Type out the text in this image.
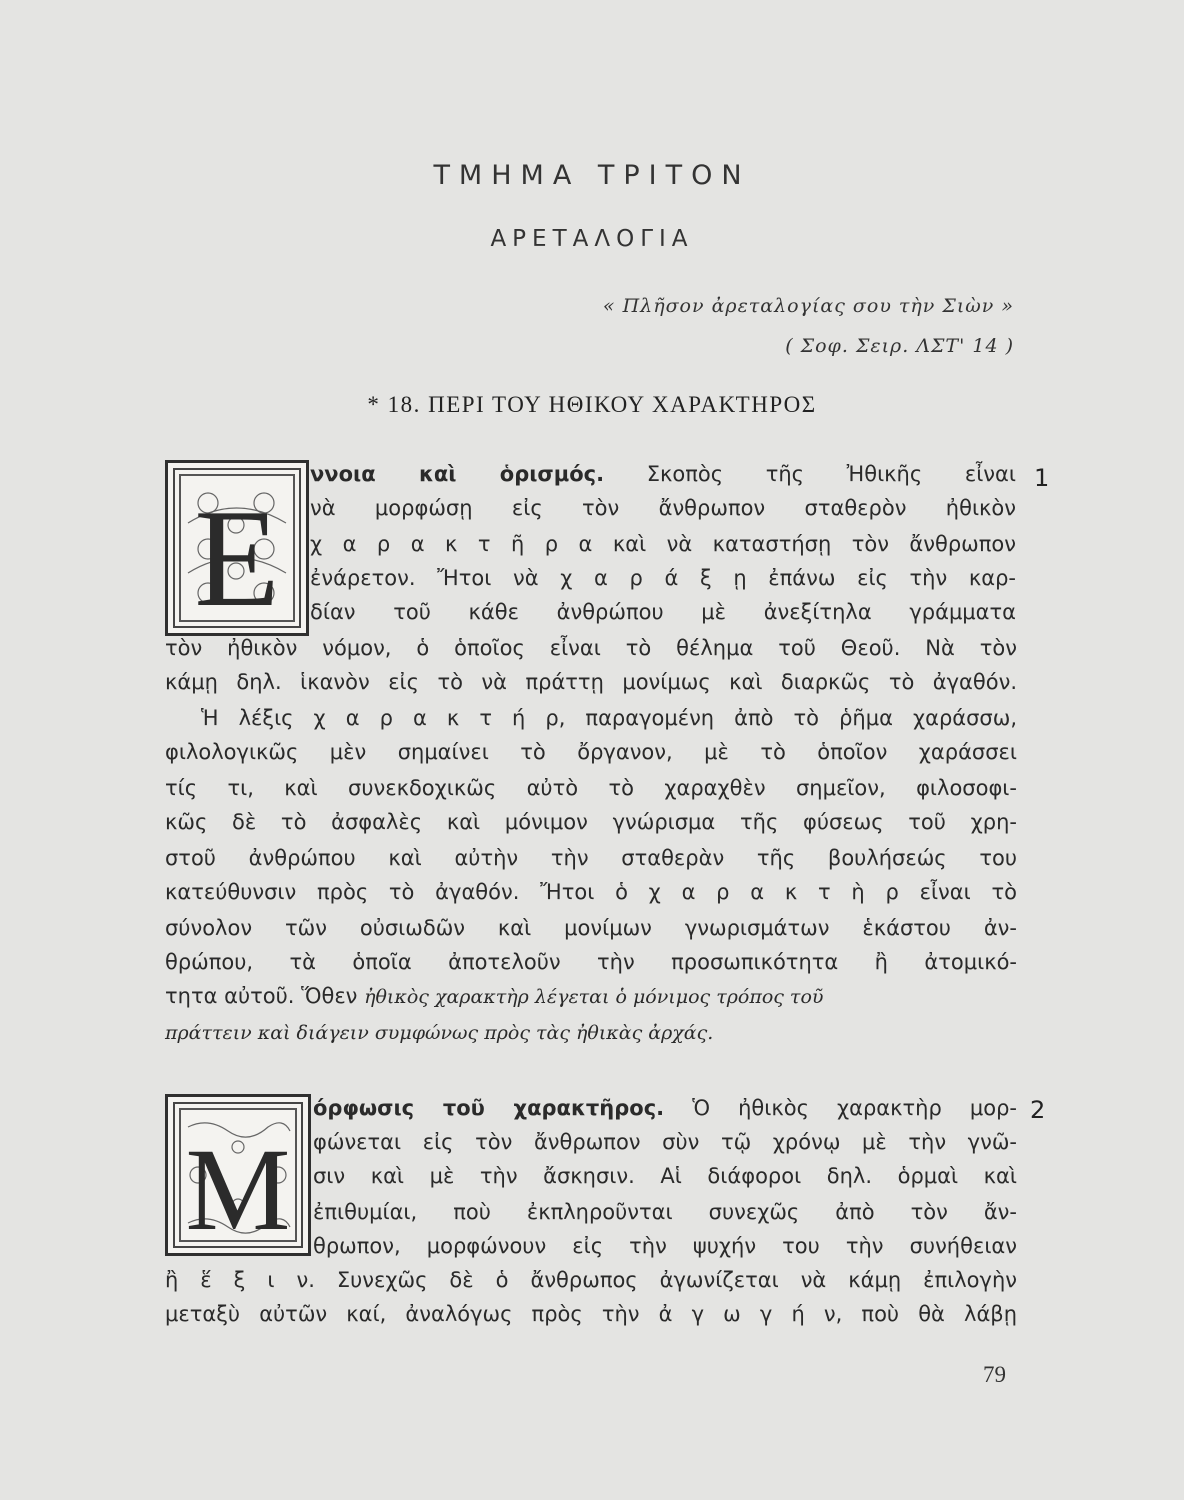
ΤΜΗΜΑ ΤΡΙΤΟΝ
ΑΡΕΤΑΛΟΓΙΑ
« Πλῆσον ἀρεταλογίας σου τὴν Σιὼν »
( Σοφ. Σειρ. ΛΣΤ' 14 )
* 18. ΠΕΡΙ ΤΟΥ ΗΘΙΚΟΥ ΧΑΡΑΚΤΗΡΟΣ
E
1
ννοια καὶ ὁρισμός. Σκοπὸς τῆς Ἠθικῆς εἶναι
νὰ μορφώσῃ εἰς τὸν ἄνθρωπον σταθερὸν ἠθικὸν
χ α ρ α κ τ ῆ ρ α καὶ νὰ καταστήσῃ τὸν ἄνθρωπον
ἐνάρετον. Ἤτοι νὰ χ α ρ ά ξ ῃ ἐπάνω εἰς τὴν καρ-
δίαν τοῦ κάθε ἀνθρώπου μὲ ἀνεξίτηλα γράμματα
τὸν ἠθικὸν νόμον, ὁ ὁποῖος εἶναι τὸ θέλημα τοῦ Θεοῦ. Νὰ τὸν
κάμῃ δηλ. ἱκανὸν εἰς τὸ νὰ πράττῃ μονίμως καὶ διαρκῶς τὸ ἀγαθόν.
Ἡ λέξις χ α ρ α κ τ ή ρ, παραγομένη ἀπὸ τὸ ῥῆμα χαράσσω,
φιλολογικῶς μὲν σημαίνει τὸ ὄργανον, μὲ τὸ ὁποῖον χαράσσει
τίς τι, καὶ συνεκδοχικῶς αὐτὸ τὸ χαραχθὲν σημεῖον, φιλοσοφι-
κῶς δὲ τὸ ἀσφαλὲς καὶ μόνιμον γνώρισμα τῆς φύσεως τοῦ χρη-
στοῦ ἀνθρώπου καὶ αὐτὴν τὴν σταθερὰν τῆς βουλήσεώς του
κατεύθυνσιν πρὸς τὸ ἀγαθόν. Ἤτοι ὁ χ α ρ α κ τ ὴ ρ εἶναι τὸ
σύνολον τῶν οὐσιωδῶν καὶ μονίμων γνωρισμάτων ἑκάστου ἀν-
θρώπου, τὰ ὁποῖα ἀποτελοῦν τὴν προσωπικότητα ἢ ἀτομικό-
τητα αὐτοῦ. Ὅθεν ἠθικὸς χαρακτὴρ λέγεται ὁ μόνιμος τρόπος τοῦ
πράττειν καὶ διάγειν συμφώνως πρὸς τὰς ἠθικὰς ἀρχάς.
M
2
όρφωσις τοῦ χαρακτῆρος. Ὁ ἠθικὸς χαρακτὴρ μορ-
φώνεται εἰς τὸν ἄνθρωπον σὺν τῷ χρόνῳ μὲ τὴν γνῶ-
σιν καὶ μὲ τὴν ἄσκησιν. Αἱ διάφοροι δηλ. ὁρμαὶ καὶ
ἐπιθυμίαι, ποὺ ἐκπληροῦνται συνεχῶς ἀπὸ τὸν ἄν-
θρωπον, μορφώνουν εἰς τὴν ψυχήν του τὴν συνήθειαν
ἢ ἕ ξ ι ν. Συνεχῶς δὲ ὁ ἄνθρωπος ἀγωνίζεται νὰ κάμῃ ἐπιλογὴν
μεταξὺ αὐτῶν καί, ἀναλόγως πρὸς τὴν ἀ γ ω γ ή ν, ποὺ θὰ λάβῃ
79
